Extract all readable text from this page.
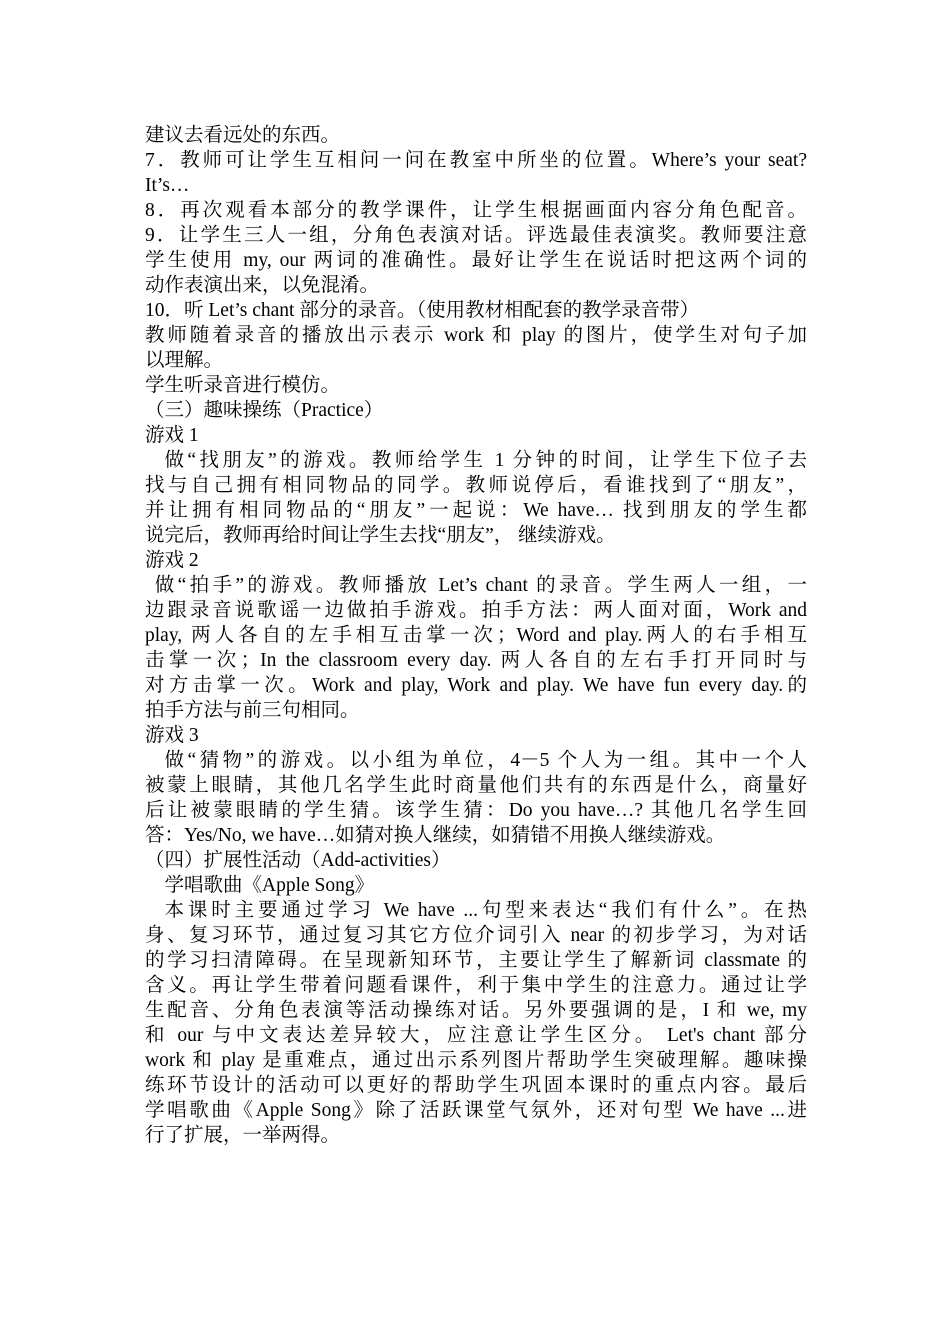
建议去看远处的东西。
7．教师可让学生互相问一问在教室中所坐的位置。Where’s your seat?
It’s…
8．再次观看本部分的教学课件，让学生根据画面内容分角色配音。
9．让学生三人一组，分角色表演对话。评选最佳表演奖。教师要注意
学生使用 my, our 两词的准确性。最好让学生在说话时把这两个词的
动作表演出来，以免混淆。
10．听 Let’s chant 部分的录音。（使用教材相配套的教学录音带）
教师随着录音的播放出示表示 work 和 play 的图片，使学生对句子加
以理解。
学生听录音进行模仿。
（三）趣味操练（Practice）
游戏 1
做“找朋友”的游戏。教师给学生 1 分钟的时间，让学生下位子去
找与自己拥有相同物品的同学。教师说停后，看谁找到了“朋友”，
并让拥有相同物品的“朋友”一起说：We have… 找到朋友的学生都
说完后，教师再给时间让学生去找“朋友”， 继续游戏。
游戏 2
做“拍手”的游戏。教师播放 Let’s chant 的录音。学生两人一组，一
边跟录音说歌谣一边做拍手游戏。拍手方法：两人面对面，Work and
play, 两人各自的左手相互击掌一次；Word and play.两人的右手相互
击掌一次；In the classroom every day. 两人各自的左右手打开同时与
对方击掌一次。Work and play, Work and play. We have fun every day.的
拍手方法与前三句相同。
游戏 3
做“猜物”的游戏。以小组为单位，4－5 个人为一组。其中一个人
被蒙上眼睛，其他几名学生此时商量他们共有的东西是什么，商量好
后让被蒙眼睛的学生猜。该学生猜：Do you have…? 其他几名学生回
答：Yes/No, we have…如猜对换人继续，如猜错不用换人继续游戏。
（四）扩展性活动（Add-activities）
学唱歌曲《Apple Song》
本课时主要通过学习 We have ...句型来表达“我们有什么”。在热
身、复习环节，通过复习其它方位介词引入 near 的初步学习，为对话
的学习扫清障碍。在呈现新知环节，主要让学生了解新词 classmate 的
含义。再让学生带着问题看课件，利于集中学生的注意力。通过让学
生配音、分角色表演等活动操练对话。另外要强调的是，I 和 we, my
和 our 与中文表达差异较大，应注意让学生区分。 Let's chant 部分
work 和 play 是重难点，通过出示系列图片帮助学生突破理解。趣味操
练环节设计的活动可以更好的帮助学生巩固本课时的重点内容。最后
学唱歌曲《Apple Song》除了活跃课堂气氛外，还对句型 We have ...进
行了扩展，一举两得。
